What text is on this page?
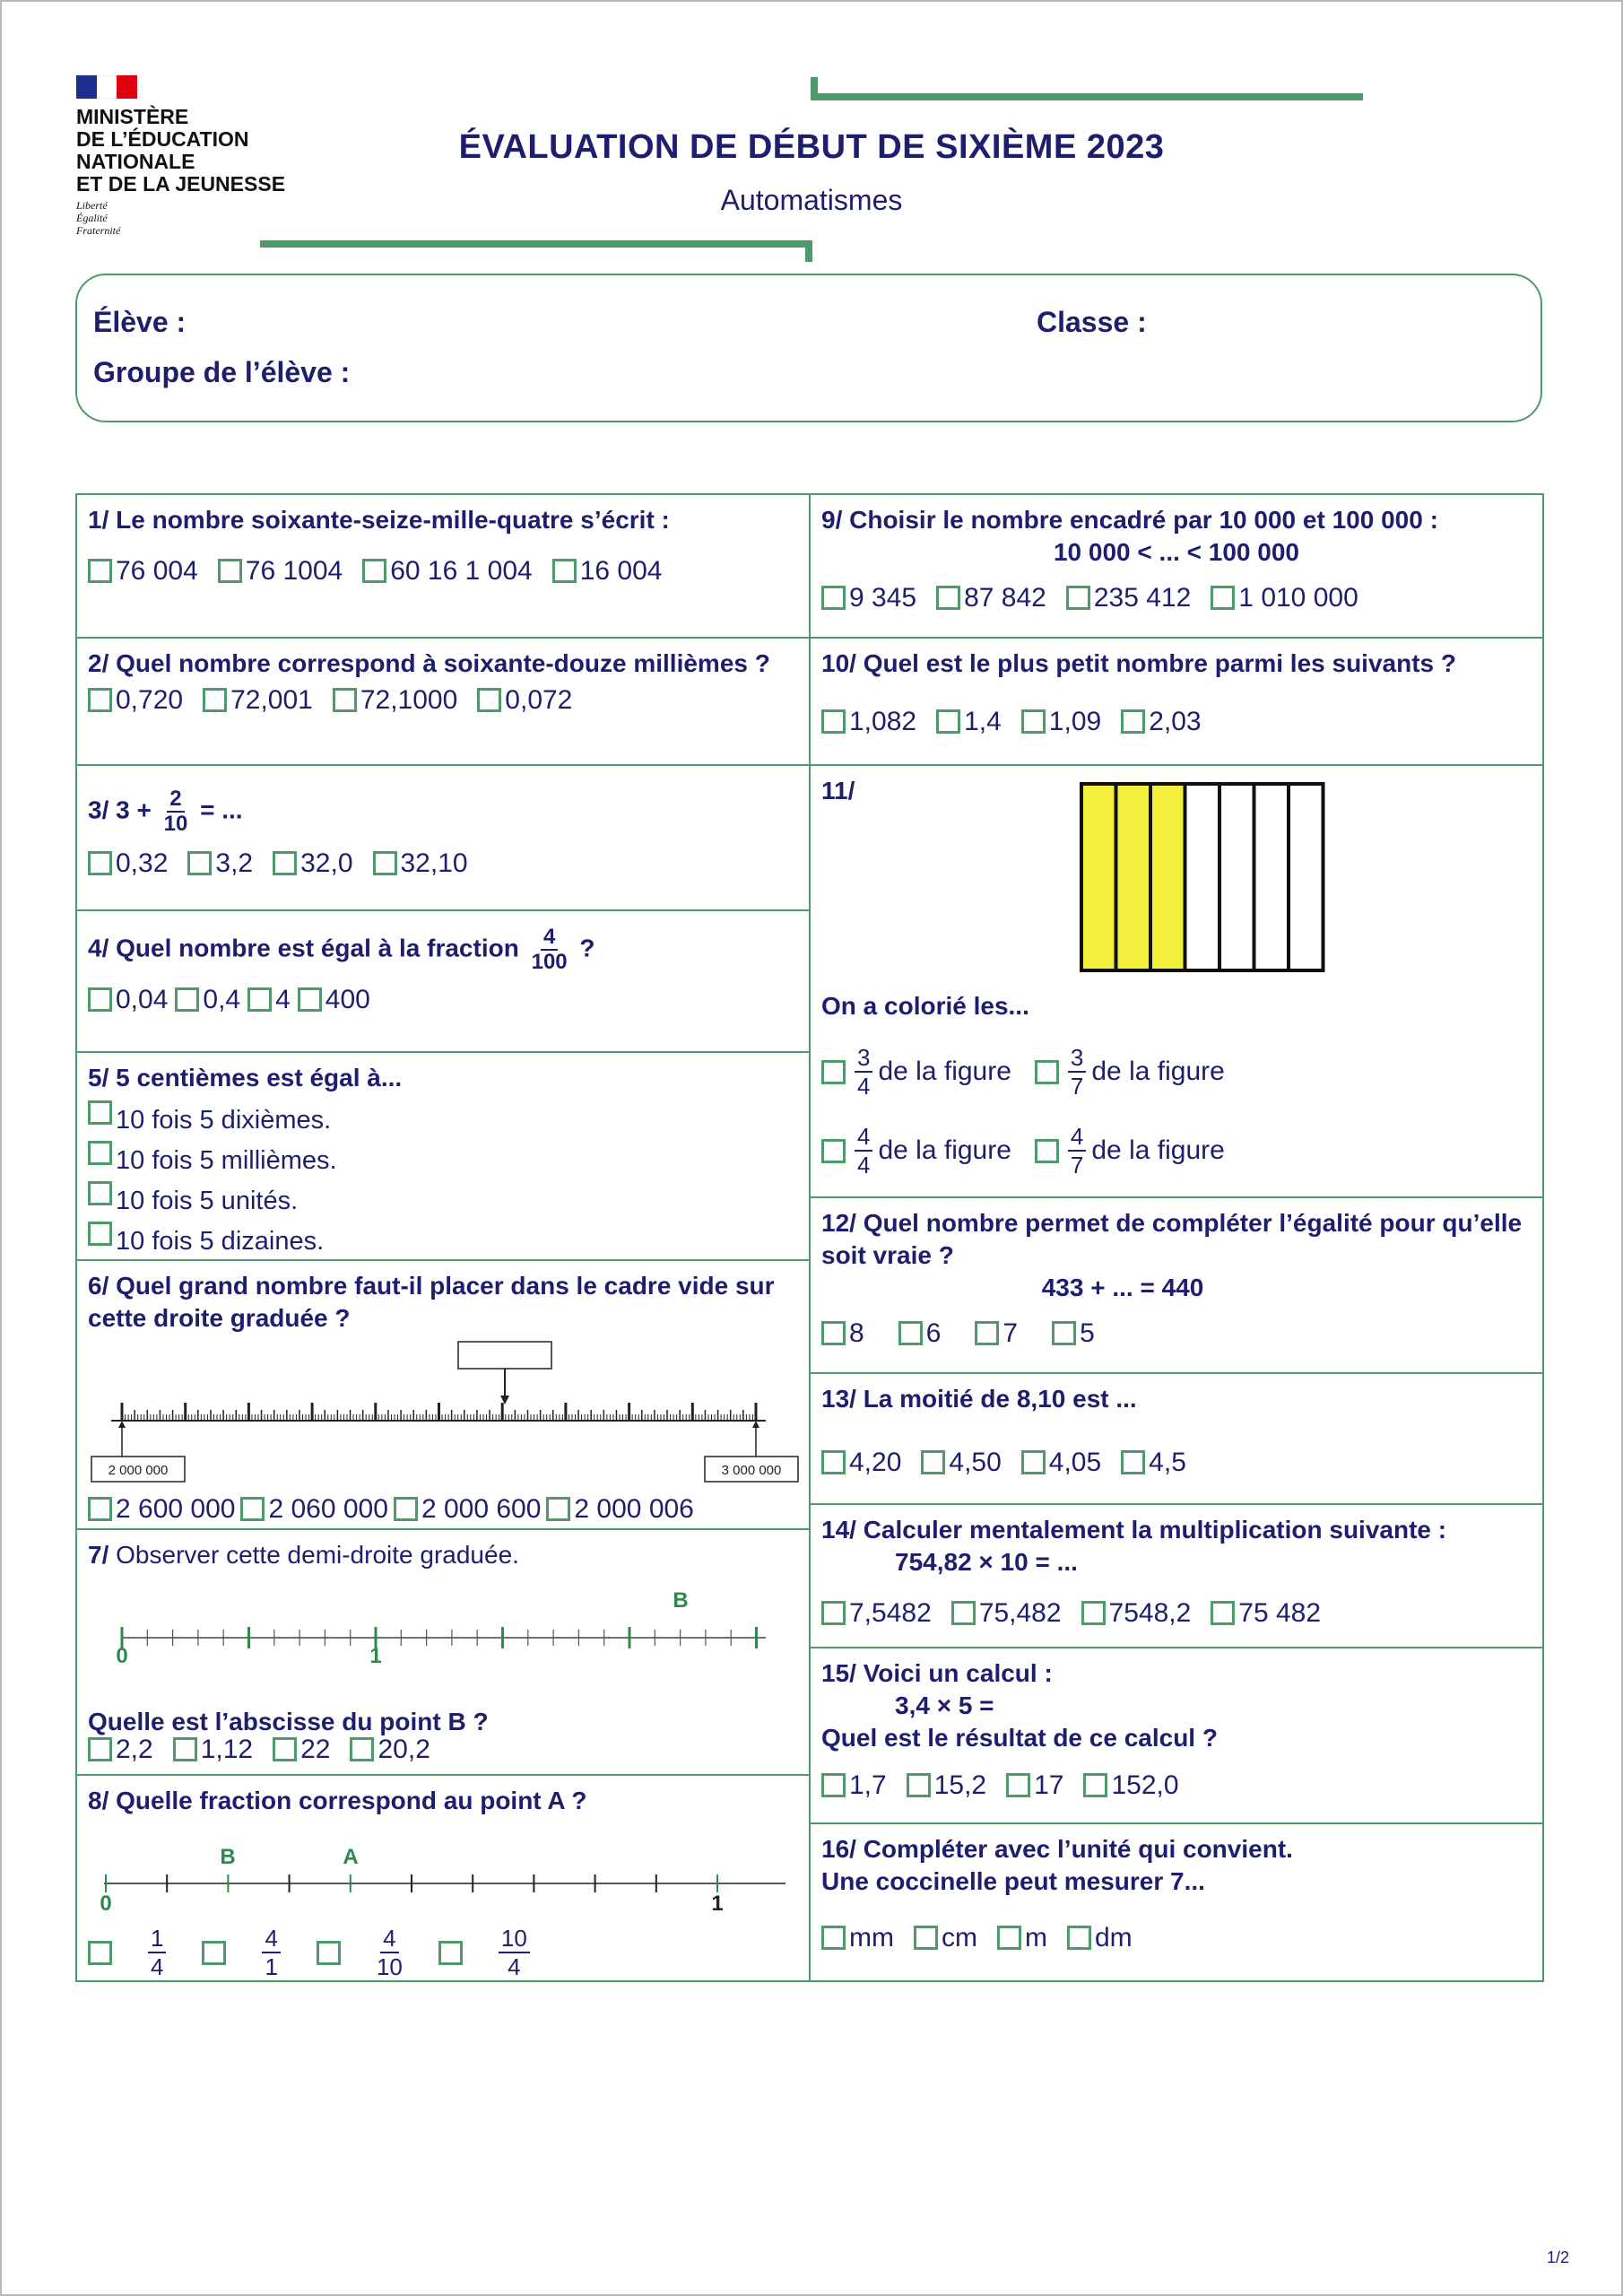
MINISTÈRE
DE L’ÉDUCATION
NATIONALE
ET DE LA JEUNESSE
Liberté
Égalité
Fraternité
ÉVALUATION DE DÉBUT DE SIXIÈME 2023
Automatismes
Élève :	Classe :
Groupe de l’élève :
1/ Le nombre soixante-seize-mille-quatre s’écrit :
76 004 76 1004 60 16 1 004 16 004
2/ Quel nombre correspond à soixante-douze millièmes ?
0,720 72,001 72,1000 0,072
3/ $3 + \frac{2}{10}$ = ...
0,32 3,2 32,0 32,10
4/ Quel nombre est égal à la fraction $\frac{4}{100}$ ?
0,04 0,4 4 400
5/ 5 centièmes est égal à...
10 fois 5 dixièmes.
10 fois 5 millièmes.
10 fois 5 unités.
10 fois 5 dizaines.
6/ Quel grand nombre faut-il placer dans le cadre vide sur cette droite graduée ?
2 000 000	3 000 000
2 600 000 2 060 000 2 000 600 2 000 006
7/ Observer cette demi-droite graduée.
0	1
B
Quelle est l’abscisse du point B ?
2,2 1,12 22 20,2
8/ Quelle fraction correspond au point A ?
0	1
B	A
$\frac{1}{4}$	$\frac{4}{1}$	$\frac{4}{10}$	$\frac{10}{4}$
9/ Choisir le nombre encadré par 10 000 et 100 000 :
10 000 < ... < 100 000
9 345 87 842 235 412 1 010 000
10/ Quel est le plus petit nombre parmi les suivants ?
1,082 1,4 1,09 2,03
11/
On a colorié les...
$\frac{3}{4}$ de la figure $\frac{3}{7}$ de la figure
$\frac{4}{4}$ de la figure $\frac{4}{7}$ de la figure
12/ Quel nombre permet de compléter l’égalité pour qu’elle soit vraie ?
433 + ... = 440
8 6 7 5
13/ La moitié de 8,10 est ...
4,20 4,50 4,05 4,5
14/ Calculer mentalement la multiplication suivante :
754,82 × 10 = ...
7,5482 75,482 7548,2 75 482
15/ Voici un calcul :
3,4 × 5 =
Quel est le résultat de ce calcul ?
1,7 15,2 17 152,0
16/ Compléter avec l’unité qui convient.
Une coccinelle peut mesurer 7...
mm cm m dm
1/2
